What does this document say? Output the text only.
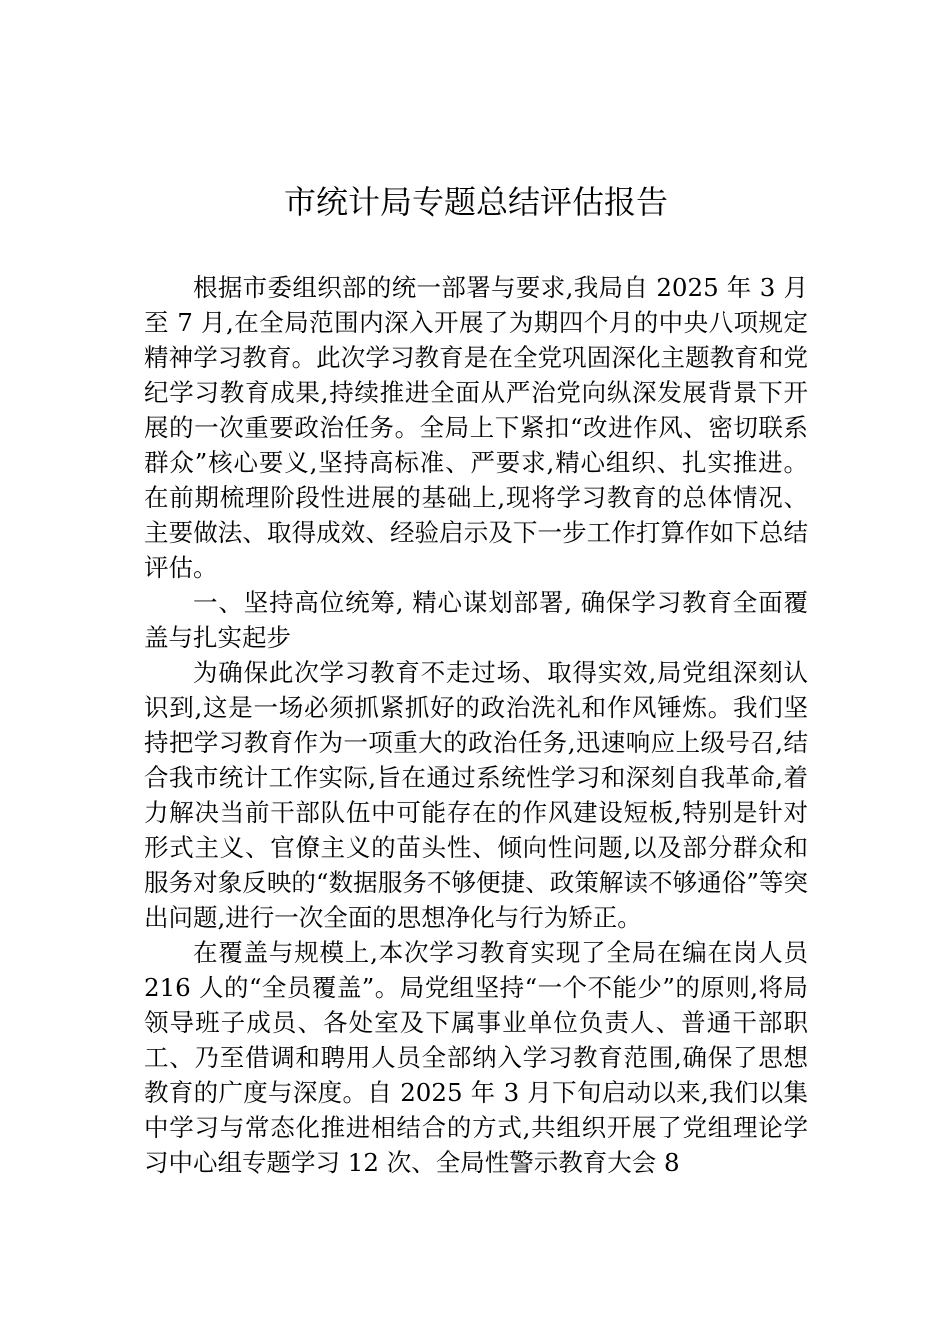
市统计局专题总结评估报告

根据市委组织部的统一部署与要求,我局自 2025 年 3 月至 7 月,在全局范围内深入开展了为期四个月的中央八项规定精神学习教育。此次学习教育是在全党巩固深化主题教育和党纪学习教育成果,持续推进全面从严治党向纵深发展背景下开展的一次重要政治任务。全局上下紧扣“改进作风、密切联系群众”核心要义,坚持高标准、严要求,精心组织、扎实推进。在前期梳理阶段性进展的基础上,现将学习教育的总体情况、主要做法、取得成效、经验启示及下一步工作打算作如下总结评估。

一、坚持高位统筹, 精心谋划部署, 确保学习教育全面覆盖与扎实起步

为确保此次学习教育不走过场、取得实效,局党组深刻认识到,这是一场必须抓紧抓好的政治洗礼和作风锤炼。我们坚持把学习教育作为一项重大的政治任务,迅速响应上级号召,结合我市统计工作实际,旨在通过系统性学习和深刻自我革命,着力解决当前干部队伍中可能存在的作风建设短板,特别是针对形式主义、官僚主义的苗头性、倾向性问题,以及部分群众和服务对象反映的“数据服务不够便捷、政策解读不够通俗”等突出问题,进行一次全面的思想净化与行为矫正。

在覆盖与规模上,本次学习教育实现了全局在编在岗人员 216 人的“全员覆盖”。局党组坚持“一个不能少”的原则,将局领导班子成员、各处室及下属事业单位负责人、普通干部职工、乃至借调和聘用人员全部纳入学习教育范围,确保了思想教育的广度与深度。自 2025 年 3 月下旬启动以来,我们以集中学习与常态化推进相结合的方式,共组织开展了党组理论学习中心组专题学习 12 次、全局性警示教育大会 8
